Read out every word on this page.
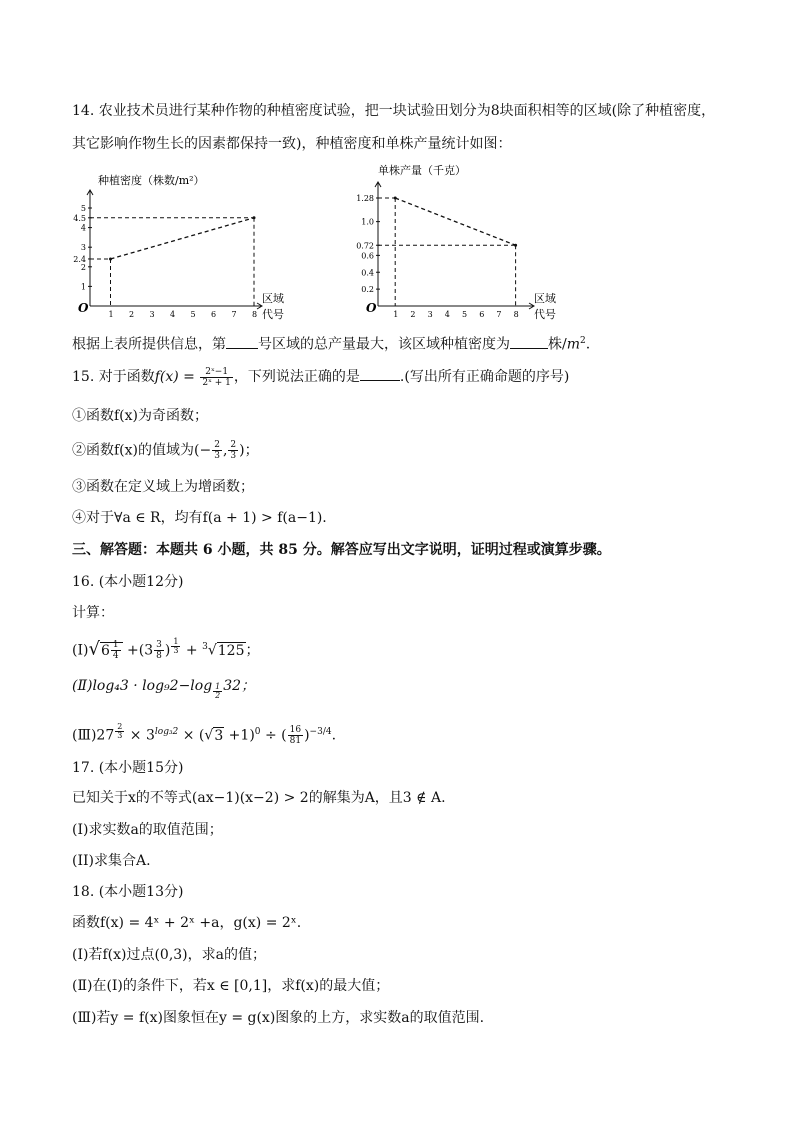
14. 农业技术员进行某种作物的种植密度试验，把一块试验田划分为8块面积相等的区域(除了种植密度，
其它影响作物生长的因素都保持一致)，种植密度和单株产量统计如图：
种植密度（株数/m²）
O
区域
代号
1 2 3 4 5 6 7 8
1
2
2.4
3
4
4.5
5
单株产量（千克）
O
区域
代号
1 2 3 4 5 6 7 8
0.2
0.4
0.6
0.72
1.0
1.28
根据上表所提供信息，第 号区域的总产量最大，该区域种植密度为	株$/m^2$.
15. 对于函数$f(x) = \frac{\text{2ˣ−1}}{\text{2ˣ + 1}}$ ，下列说法正确的是	.(写出所有正确命题的序号)
①函数f(x)为奇函数；
②函数f(x)的值域为(− $\frac{2}{3}$ , $\frac{2}{3}$ )；
③函数在定义域上为增函数；
④对于∀a ∈ R，均有f(a + 1) > f(a−1).
三、解答题：本题共 6 小题，共 85 分。解答应写出文字说明，证明过程或演算步骤。
16. (本小题12分)
计算：
(Ⅰ)√6 $\frac{1}{4} +(3 \frac{3}{8}$ ) $^{\frac{1}{3}}$ + $^3$√125；
(Ⅱ)log₄3 · $\log_92-\log \frac{1}{2} 32$；
(Ⅲ)27 $^{\frac{2}{3}} \times 3^{log_32} \times (√3 +1)^0$ ÷ ( $\frac{16}{81} )^{-3/4}$.
17. (本小题15分)
已知关于x的不等式(ax−1)(x−2) > 2的解集为A，且3 ∉ A.
(I)求实数a的取值范围；
(II)求集合A.
18. (本小题13分)
函数f(x) = 4ˣ + 2ˣ +a，g(x) = 2ˣ.
(Ⅰ)若f(x)过点(0,3)，求a的值；
(Ⅱ)在(Ⅰ)的条件下，若x ∈ [0,1]，求f(x)的最大值；
(Ⅲ)若y = f(x)图象恒在y = g(x)图象的上方，求实数a的取值范围.
